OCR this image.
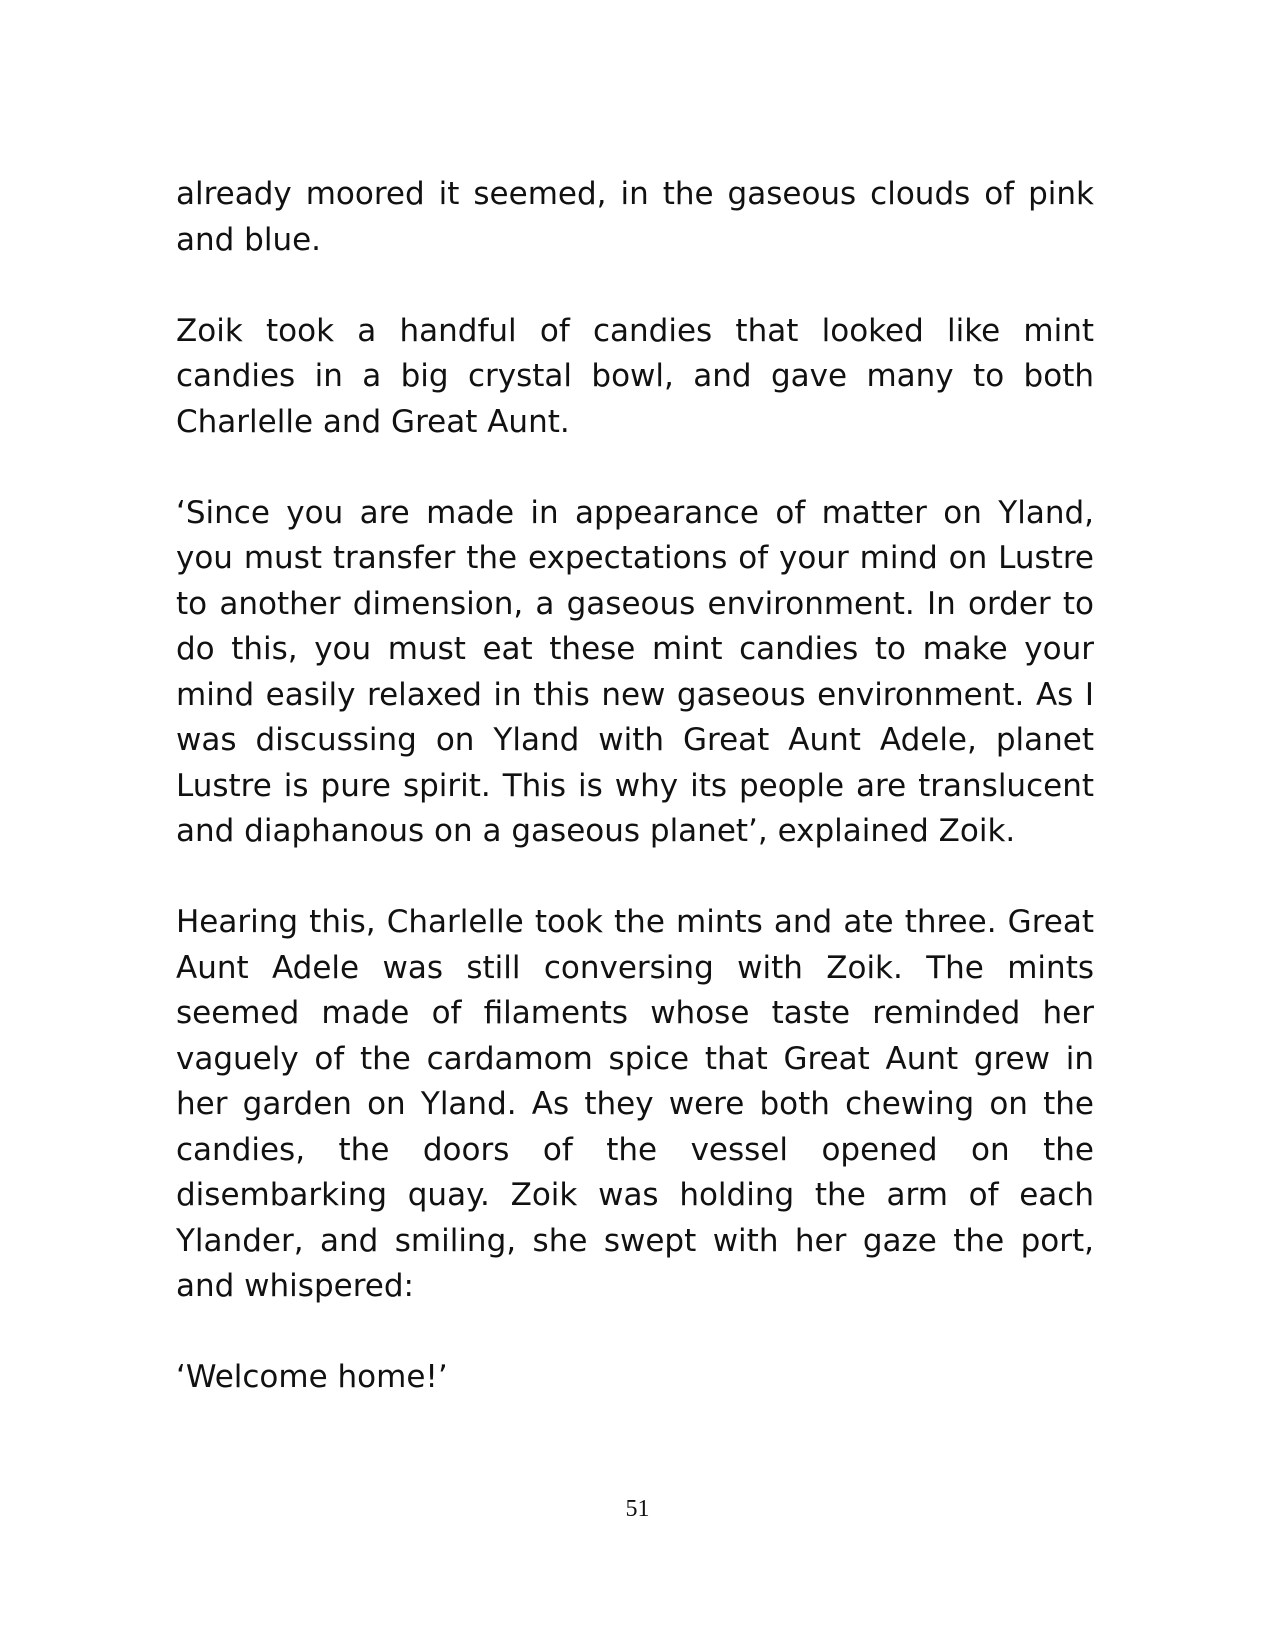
already moored it seemed, in the gaseous clouds of pink and blue.

Zoik took a handful of candies that looked like mint candies in a big crystal bowl, and gave many to both Charlelle and Great Aunt.

‘Since you are made in appearance of matter on Yland, you must transfer the expectations of your mind on Lustre to another dimension, a gaseous environment. In order to do this, you must eat these mint candies to make your mind easily relaxed in this new gaseous environment. As I was discussing on Yland with Great Aunt Adele, planet Lustre is pure spirit. This is why its people are translucent and diaphanous on a gaseous planet’, explained Zoik.

Hearing this, Charlelle took the mints and ate three. Great Aunt Adele was still conversing with Zoik. The mints seemed made of filaments whose taste reminded her vaguely of the cardamom spice that Great Aunt grew in her garden on Yland. As they were both chewing on the candies, the doors of the vessel opened on the disembarking quay. Zoik was holding the arm of each Ylander, and smiling, she swept with her gaze the port, and whispered:

‘Welcome home!’

51
